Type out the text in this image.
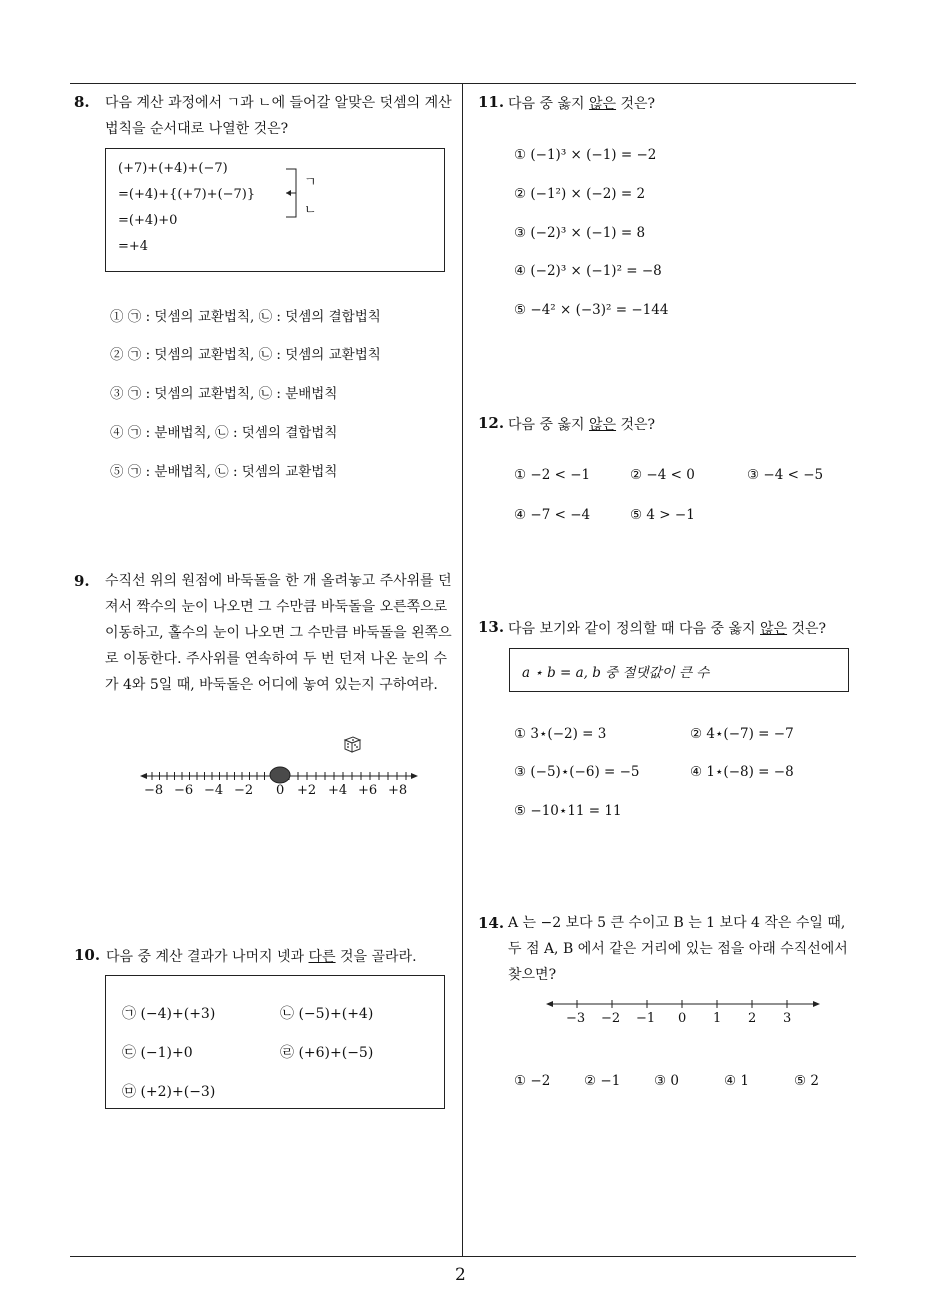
2
8. 다음 계산 과정에서 ㄱ과 ㄴ에 들어갈 알맞은 덧셈의 계산 법칙을 순서대로 나열한 것은?
(+7)+(+4)+(−7)
=(+4)+{(+7)+(−7)}
=(+4)+0
=+4
ㄱ
ㄴ
① ㉠ : 덧셈의 교환법칙, ㉡ : 덧셈의 결합법칙
② ㉠ : 덧셈의 교환법칙, ㉡ : 덧셈의 교환법칙
③ ㉠ : 덧셈의 교환법칙, ㉡ : 분배법칙
④ ㉠ : 분배법칙, ㉡ : 덧셈의 결합법칙
⑤ ㉠ : 분배법칙, ㉡ : 덧셈의 교환법칙
9. 수직선 위의 원점에 바둑돌을 한 개 올려놓고 주사위를 던져서 짝수의 눈이 나오면 그 수만큼 바둑돌을 오른쪽으로 이동하고, 홀수의 눈이 나오면 그 수만큼 바둑돌을 왼쪽으로 이동한다. 주사위를 연속하여 두 번 던져 나온 눈의 수가 4와 5일 때, 바둑돌은 어디에 놓여 있는지 구하여라.
−8 −6 −4 −2 0 +2 +4 +6 +8
10. 다음 중 계산 결과가 나머지 넷과 다른 것을 골라라.
㉠ (−4)+(+3)	㉡ (−5)+(+4)
㉢ (−1)+0	㉣ (+6)+(−5)
㉤ (+2)+(−3)
11. 다음 중 옳지 않은 것은?
① (−1)³ × (−1) = −2
② (−1²) × (−2) = 2
③ (−2)³ × (−1) = 8
④ (−2)³ × (−1)² = −8
⑤ −4² × (−3)² = −144
12. 다음 중 옳지 않은 것은?
① −2 < −1	② −4 < 0	③ −4 < −5
④ −7 < −4	⑤ 4 > −1
13. 다음 보기와 같이 정의할 때 다음 중 옳지 않은 것은?
a ⋆ b = a, b 중 절댓값이 큰 수
① 3⋆(−2) = 3	② 4⋆(−7) = −7
③ (−5)⋆(−6) = −5	④ 1⋆(−8) = −8
⑤ −10⋆11 = 11
14. A 는 −2 보다 5 큰 수이고 B 는 1 보다 4 작은 수일 때, 두 점 A, B 에서 같은 거리에 있는 점을 아래 수직선에서 찾으면?
−3 −2 −1 0 1 2 3
① −2 ② −1 ③ 0	④ 1	⑤ 2
